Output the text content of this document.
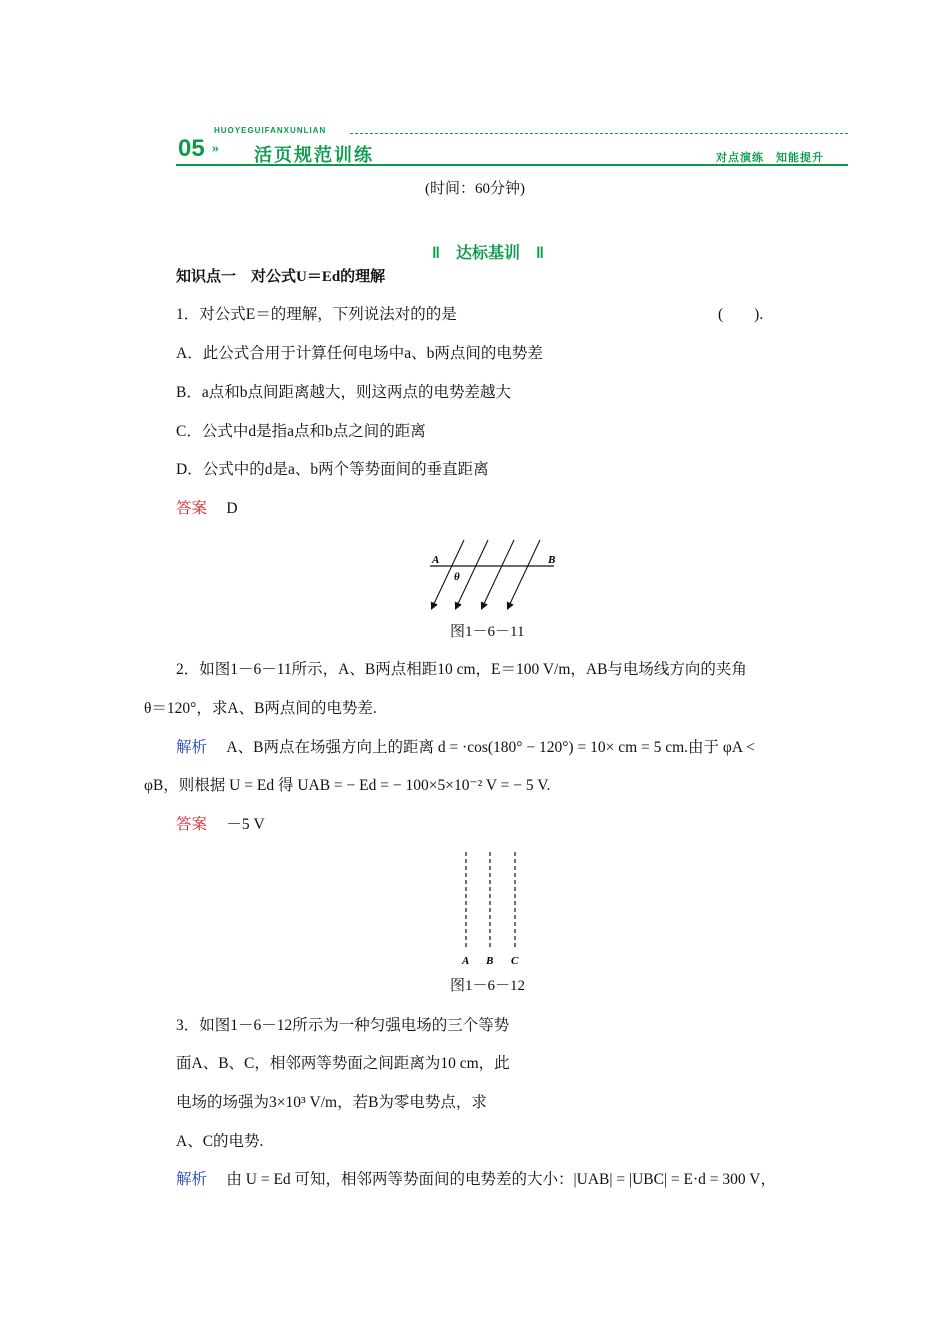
HUOYEGUIFANXUNLIAN
05 » 活页规范训练	对点演练　知能提升
(时间：60分钟)
‖　达标基训　‖
知识点一　对公式U＝Ed的理解
1．对公式E＝的理解，下列说法对的的是	(　　).
A．此公式合用于计算任何电场中a、b两点间的电势差
B．a点和b点间距离越大，则这两点的电势差越大
C．公式中d是指a点和b点之间的距离
D．公式中的d是a、b两个等势面间的垂直距离
答案　 D
A	B
θ
图1－6－11
2．如图1－6－11所示，A、B两点相距10 cm，E＝100 V/m，AB与电场线方向的夹角
θ＝120°，求A、B两点间的电势差.
解析　 A、B两点在场强方向上的距离 d = ·cos(180° − 120°) = 10× cm = 5 cm.由于 φA <
φB，则根据 U = Ed 得 UAB = − Ed = − 100×5×10⁻² V = − 5 V.
答案　 －5 V
A B C
图1－6－12
3．如图1－6－12所示为一种匀强电场的三个等势
面A、B、C，相邻两等势面之间距离为10 cm，此
电场的场强为3×10³ V/m，若B为零电势点，求
A、C的电势.
解析　 由 U = Ed 可知，相邻两等势面间的电势差的大小：|UAB| = |UBC| = E·d = 300 V，
